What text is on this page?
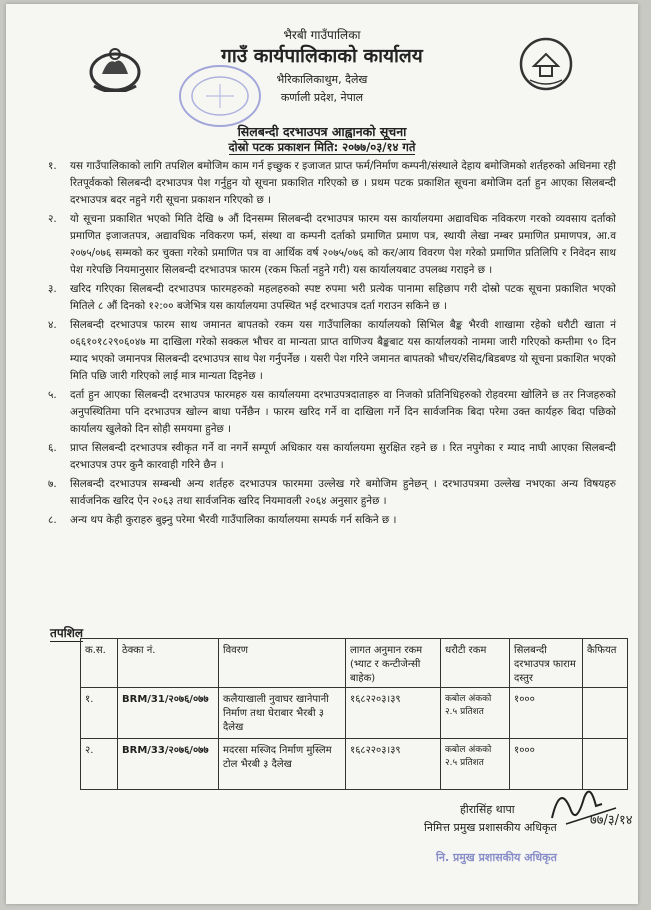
भैरबी गाउँपालिका
गाउँ कार्यपालिकाको कार्यालय
भैरिकालिकाथुम, दैलेख
कर्णाली प्रदेश, नेपाल
सिलबन्दी दरभाउपत्र आह्वानको सूचना
दोस्रो पटक प्रकाशन मिति: २०७७/०३/१४ गते
१. यस गाउँपालिकाको लागि तपशिल बमोजिम काम गर्न इच्छुक र इजाजत प्राप्त फर्म/निर्माण कम्पनी/संस्थाले देहाय बमोजिमको शर्तहरुको अधिनमा रही रितपूर्वकको सिलबन्दी दरभाउपत्र पेश गर्नुहुन यो सूचना प्रकाशित गरिएको छ । प्रथम पटक प्रकाशित सूचना बमोजिम दर्ता हुन आएका सिलबन्दी दरभाउपत्र बदर नहुने गरी सूचना प्रकाशन गरिएको छ ।
२. यो सूचना प्रकाशित भएको मिति देखि ७ औं दिनसम्म सिलबन्दी दरभाउपत्र फारम यस कार्यालयमा अद्यावधिक नविकरण गरको व्यवसाय दर्ताको प्रमाणित इजाजतपत्र, अद्यावधिक नविकरण फर्म, संस्था वा कम्पनी दर्ताको प्रमाणित प्रमाण पत्र, स्थायी लेखा नम्बर प्रमाणित प्रमाणपत्र, आ.व २०७५/०७६ सम्मको कर चुक्ता गरेको प्रमाणित पत्र वा आर्थिक वर्ष २०७५/०७६ को कर/आय विवरण पेश गरेको प्रमाणित प्रतिलिपि र निवेदन साथ पेश गरेपछि नियमानुसार सिलबन्दी दरभाउपत्र फारम (रकम फिर्ता नहुने गरी) यस कार्यालयबाट उपलब्ध गराइने छ ।
३. खरिद गरिएका सिलबन्दी दरभाउपत्र फारमहरुको महलहरुको स्पष्ट रुपमा भरी प्रत्येक पानामा सहिछाप गरी दोस्रो पटक सूचना प्रकाशित भएको मितिले ८ औं दिनको १२:०० बजेभित्र यस कार्यालयमा उपस्थित भई दरभाउपत्र दर्ता गराउन सकिने छ ।
४. सिलबन्दी दरभाउपत्र फारम साथ जमानत बापतको रकम यस गाउँपालिका कार्यालयको सिभिल बैङ्क भैरवी शाखामा रहेको धरौटी खाता नं ०६६१०१८२९०६०४७ मा दाखिला गरेको सक्कल भौचर वा मान्यता प्राप्त वाणिज्य बैङ्कबाट यस कार्यालयको नाममा जारी गरिएको कम्तीमा ९० दिन म्याद भएको जमानपत्र सिलबन्दी दरभाउपत्र साथ पेश गर्नुपर्नेछ । यसरी पेश गरिने जमानत बापतको भौचर/रसिद/बिडबण्ड यो सूचना प्रकाशित भएको मिति पछि जारी गरिएको लाई मात्र मान्यता दिइनेछ ।
५. दर्ता हुन आएका सिलबन्दी दरभाउपत्र फारमहरु यस कार्यालयमा दरभाउपत्रदाताहरु वा निजको प्रतिनिधिहरुको रोहवरमा खोलिने छ तर निजहरुको अनुपस्थितिमा पनि दरभाउपत्र खोल्न बाधा पर्नेछैन । फारम खरिद गर्ने वा दाखिला गर्ने दिन सार्वजनिक बिदा परेमा उक्त कार्यहरु बिदा पछिको कार्यालय खुलेको दिन सोही समयमा हुनेछ ।
६. प्राप्त सिलबन्दी दरभाउपत्र स्वीकृत गर्ने वा नगर्ने सम्पूर्ण अधिकार यस कार्यालयमा सुरक्षित रहने छ । रित नपुगेका र म्याद नाघी आएका सिलबन्दी दरभाउपत्र उपर कुनै कारवाही गरिने छैन ।
७. सिलबन्दी दरभाउपत्र सम्बन्धी अन्य शर्तहरु दरभाउपत्र फारममा उल्लेख गरे बमोजिम हुनेछन् । दरभाउपत्रमा उल्लेख नभएका अन्य विषयहरु सार्वजनिक खरिद ऐन २०६३ तथा सार्वजनिक खरिद नियमावली २०६४ अनुसार हुनेछ ।
८. अन्य थप केही कुराहरु बुझ्नु परेमा भैरवी गाउँपालिका कार्यालयमा सम्पर्क गर्न सकिने छ ।
तपशिल
क.स.	ठेक्का नं.	विवरण	लागत अनुमान रकम (भ्याट र कन्टीजेन्सी बाहेक)	धरौटी रकम	सिलबन्दी दरभाउपत्र फाराम दस्तुर	कैफियत
१.	BRM/31/२०७६/०७७	कलैयाखाली नुवाघर खानेपानी निर्माण तथा घेराबार भैरबी ३ दैलेख	१६८२२०३।३९	कबोल अंकको २.५ प्रतिशत	१०००	
२.	BRM/33/२०७६/०७७	मदरसा मस्जिद निर्माण मुस्लिम टोल भैरबी ३ दैलेख	१६८२२०३।३९	कबोल अंकको २.५ प्रतिशत	१०००	
हीरासिंह थापा
निमित्त प्रमुख प्रशासकीय अधिकृत	७७/३/१४
नि. प्रमुख प्रशासकीय अधिकृत
